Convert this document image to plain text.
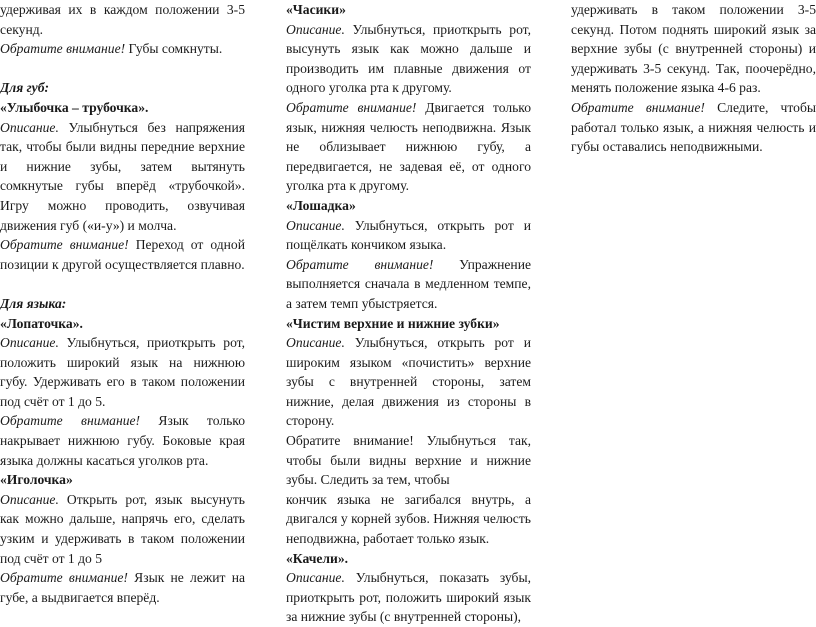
удерживая их в каждом положении 3-5 секунд.

Обратите внимание! Губы сомкнуты.

Для губ:

«Улыбочка – трубочка».

Описание. Улыбнуться без напряжения так, чтобы были видны передние верхние и нижние зубы, затем вытянуть сомкнутые губы вперёд «трубочкой». Игру можно проводить, озвучивая движения губ («и-у») и молча.

Обратите внимание! Переход от одной позиции к другой осуществляется плавно.

Для языка:

«Лопаточка».

Описание. Улыбнуться, приоткрыть рот, положить широкий язык на нижнюю губу. Удерживать его в таком положении под счёт от 1 до 5.

Обратите внимание! Язык только накрывает нижнюю губу. Боковые края языка должны касаться уголков рта.

«Иголочка»

Описание. Открыть рот, язык высунуть как можно дальше, напрячь его, сделать узким и удерживать в таком положении под счёт от 1 до 5

Обратите внимание! Язык не лежит на губе, а выдвигается вперёд.

«Часики»

Описание. Улыбнуться, приоткрыть рот, высунуть язык как можно дальше и производить им плавные движения от одного уголка рта к другому.

Обратите внимание! Двигается только язык, нижняя челюсть неподвижна. Язык не облизывает нижнюю губу, а передвигается, не задевая её, от одного уголка рта к другому.

«Лошадка»

Описание. Улыбнуться, открыть рот и пощёлкать кончиком языка.

Обратите внимание! Упражнение выполняется сначала в медленном темпе, а затем темп убыстряется.

«Чистим верхние и нижние зубки»

Описание. Улыбнуться, открыть рот и широким языком «почистить» верхние зубы с внутренней стороны, затем нижние, делая движения из стороны в сторону.

Обратите внимание! Улыбнуться так, чтобы были видны верхние и нижние зубы. Следить за тем, чтобы

кончик языка не загибался внутрь, а двигался у корней зубов. Нижняя челюсть неподвижна, работает только язык.

«Качели».

Описание. Улыбнуться, показать зубы, приоткрыть рот, положить широкий язык за нижние зубы (с внутренней стороны),

удерживать в таком положении 3-5 секунд. Потом поднять широкий язык за верхние зубы (с внутренней стороны) и удерживать 3-5 секунд. Так, поочерёдно, менять положение языка 4-6 раз.

Обратите внимание! Следите, чтобы работал только язык, а нижняя челюсть и губы оставались неподвижными.
